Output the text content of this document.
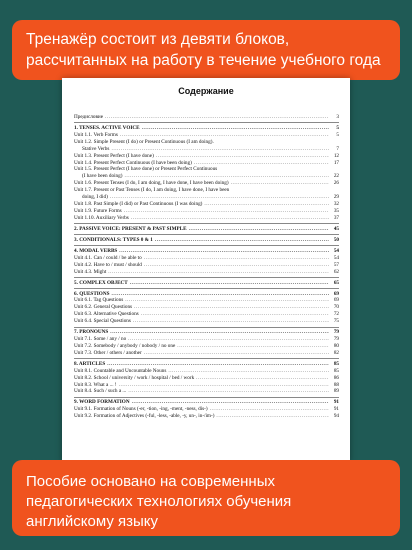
Тренажёр состоит из девяти блоков,
рассчитанных на работу в течение учебного года
Содержание
Предисловие .....	3
1. TENSES. ACTIVE VOICE .....	5
Unit 1.1. Verb Forms .....	5
Unit 1.2. Simple Present (I do) or Present Continuous (I am doing).
Stative Verbs .....	7
Unit 1.3. Present Perfect (I have done) .....	12
Unit 1.4. Present Perfect Continuous (I have been doing) .....	17
Unit 1.5. Present Perfect (I have done) or Present Perfect Continuous
(I have been doing) .....	22
Unit 1.6. Present Tenses (I do, I am doing, I have done, I have been doing) .....	26
Unit 1.7. Present or Past Tenses (I do, I am doing, I have done, I have been
doing, I did) .....	29
Unit 1.8. Past Simple (I did) or Past Continuous (I was doing) .....	32
Unit 1.9. Future Forms .....	35
Unit 1.10. Auxiliary Verbs .....	37
2. PASSIVE VOICE: PRESENT & PAST SIMPLE .....	45
3. CONDITIONALS: TYPES 0 & 1 .....	50
4. MODAL VERBS .....	54
Unit 4.1. Can / could / be able to .....	54
Unit 4.2. Have to / must / should .....	57
Unit 4.3. Might .....	62
5. COMPLEX OBJECT .....	65
6. QUESTIONS .....	69
Unit 6.1. Tag Questions .....	69
Unit 6.2. General Questions .....	70
Unit 6.3. Alternative Questions .....	72
Unit 6.4. Special Questions .....	75
7. PRONOUNS .....	79
Unit 7.1. Some / any / no .....	79
Unit 7.2. Somebody / anybody / nobody / no one .....	80
Unit 7.3. Other / others / another .....	82
8. ARTICLES .....	85
Unit 8.1. Countable and Uncountable Nouns .....	85
Unit 8.2. School / university / work / hospital / bed / work .....	86
Unit 8.3. What a ... ! .....	88
Unit 8.4. Such / such a ... .....	89
9. WORD FORMATION .....	91
Unit 9.1. Formation of Nouns (-er, -tion, -ing, -ment, -ness, dis-) .....	91
Unit 9.2. Formation of Adjectives (-ful, -less, -able, -y, un-, in-/im-) .....	94
Пособие основано на современных
педагогических технологиях обучения
английскому языку
